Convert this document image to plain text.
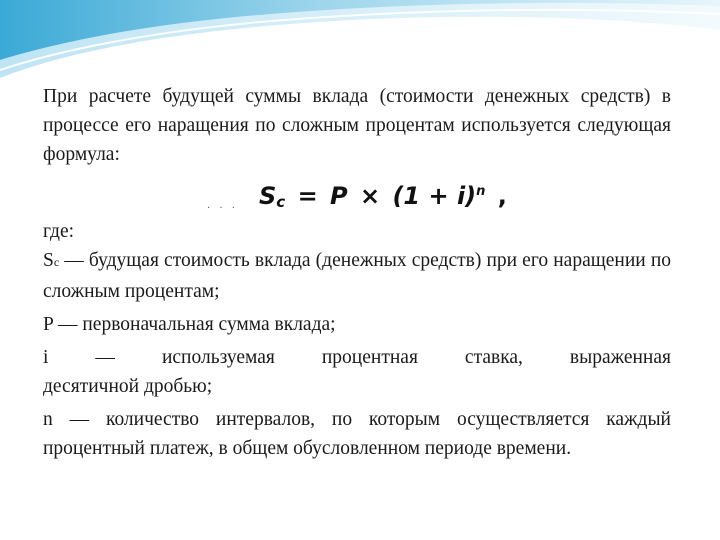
При расчете будущей суммы вклада (стоимости денежных средств) в процессе его наращения по сложным процентам используется следующая формула:

. . . $S_c = P \times (1 + i)^n$ ,

где:

Sc — будущая стоимость вклада (денежных средств) при его наращении по сложным процентам;

P — первоначальная сумма вклада;

i — используемая процентная ставка, выраженная

десятичной дробью;

n — количество интервалов, по которым осуществляется каждый процентный платеж, в общем обусловленном периоде времени.
